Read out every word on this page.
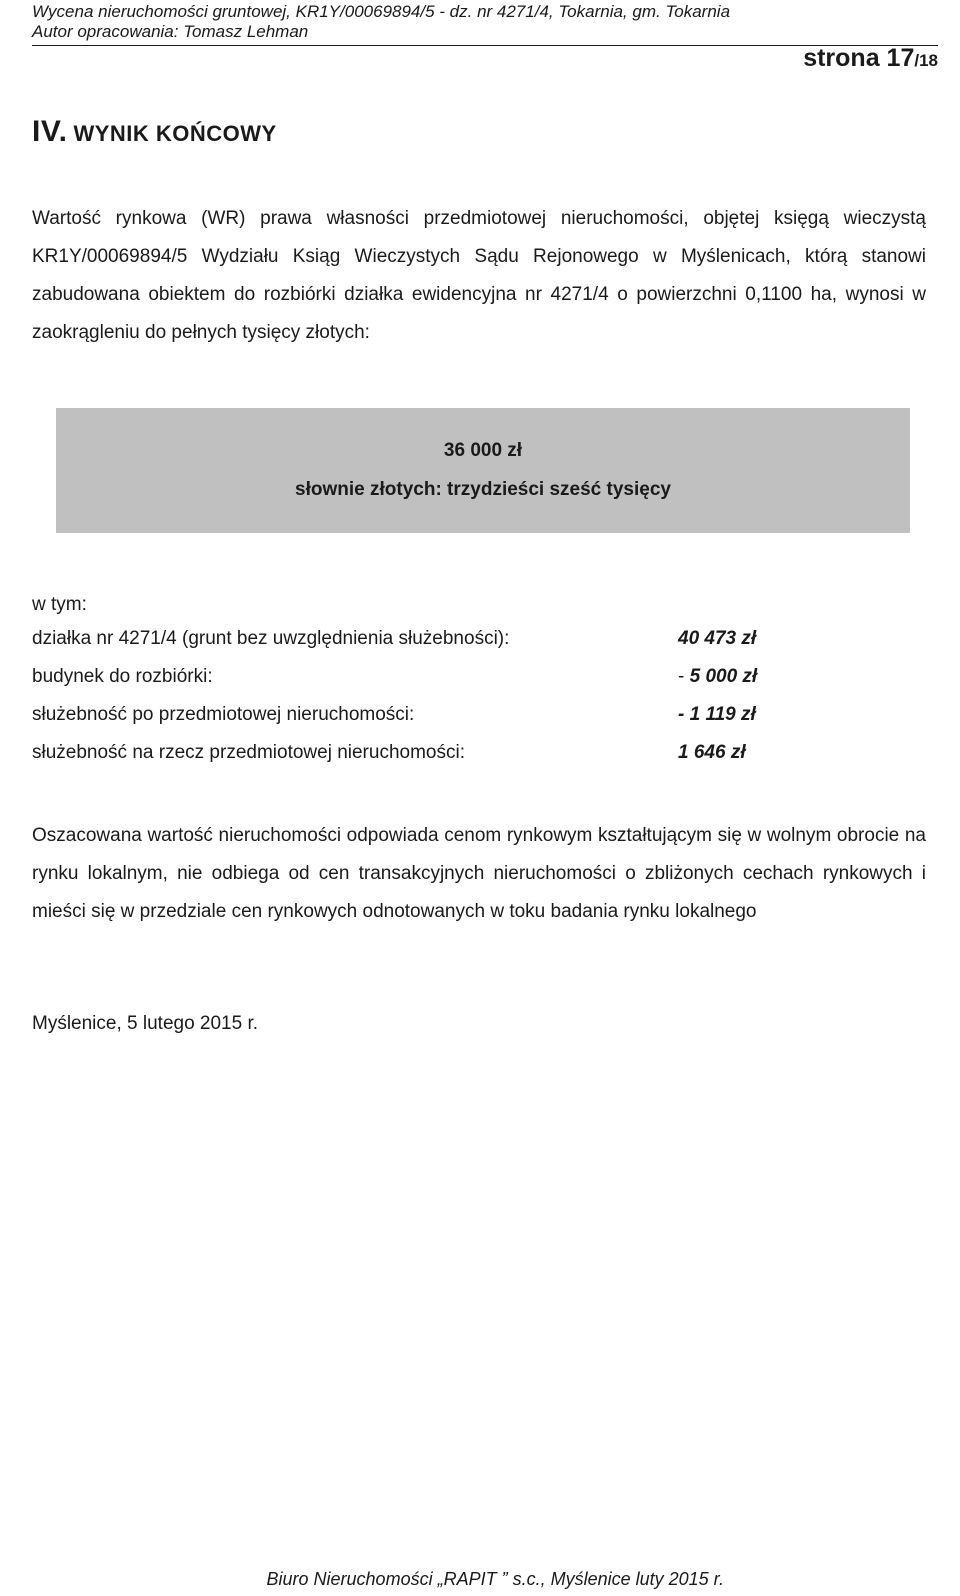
Wycena nieruchomości gruntowej, KR1Y/00069894/5 - dz. nr 4271/4, Tokarnia, gm. Tokarnia
Autor opracowania: Tomasz Lehman
strona 17/18
IV. WYNIK KOŃCOWY
Wartość rynkowa (WR) prawa własności przedmiotowej nieruchomości, objętej księgą wieczystą KR1Y/00069894/5 Wydziału Ksiąg Wieczystych Sądu Rejonowego w Myślenicach, którą stanowi zabudowana obiektem do rozbiórki działka ewidencyjna nr 4271/4 o powierzchni 0,1100 ha, wynosi w zaokrągleniu do pełnych tysięcy złotych:
36 000 zł
słownie złotych: trzydzieści sześć tysięcy
w tym:
działka nr 4271/4 (grunt bez uwzględnienia służebności):	40 473 zł
budynek do rozbiórki:	- 5 000 zł
służebność po przedmiotowej nieruchomości:	- 1 119 zł
służebność na rzecz przedmiotowej nieruchomości:	1 646 zł
Oszacowana wartość nieruchomości odpowiada cenom rynkowym kształtującym się w wolnym obrocie na rynku lokalnym, nie odbiega od cen transakcyjnych nieruchomości o zbliżonych cechach rynkowych i mieści się w przedziale cen rynkowych odnotowanych w toku badania rynku lokalnego
Myślenice, 5 lutego 2015 r.
Biuro Nieruchomości „RAPIT ” s.c., Myślenice luty 2015 r.
